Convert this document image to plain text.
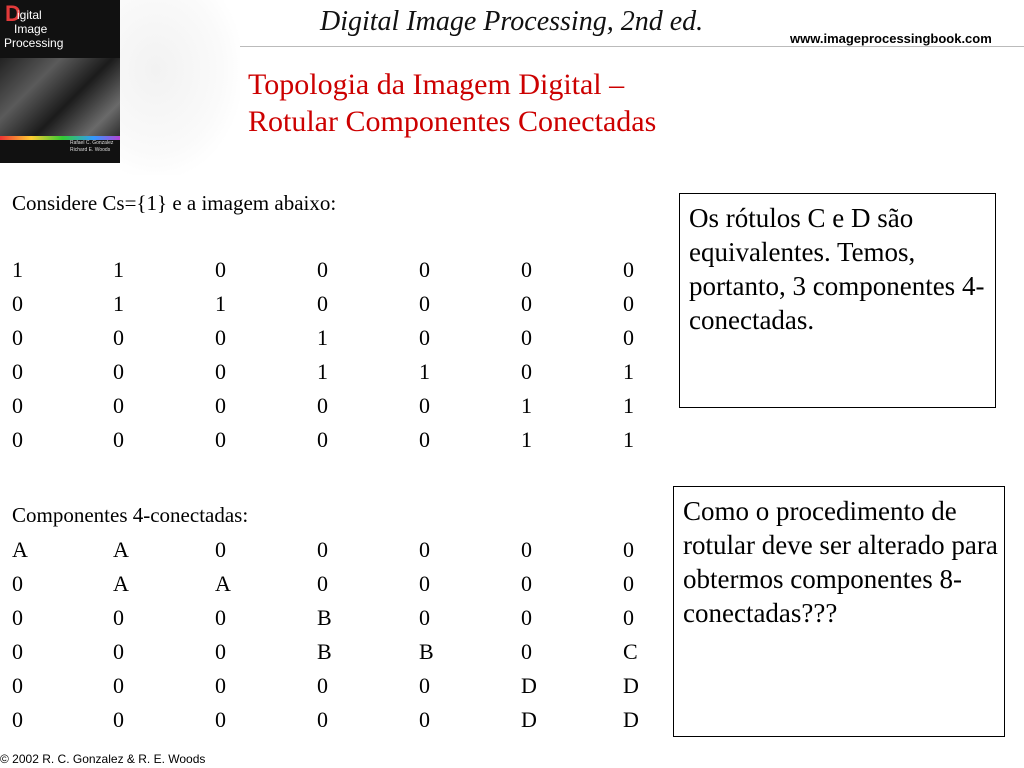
D
igital
Image
Processing
Rafael C. Gonzalez
Richard E. Woods
Digital Image Processing, 2nd ed.
www.imageprocessingbook.com
Topologia da Imagem Digital –
Rotular Componentes Conectadas
Considere Cs={1} e a imagem abaixo:
1	1	0	0	0	0	0
0	1	1	0	0	0	0
0	0	0	1	0	0	0
0	0	0	1	1	0	1
0	0	0	0	0	1	1
0	0	0	0	0	1	1
Componentes 4-conectadas:
A	A	0	0	0	0	0
0	A	A	0	0	0	0
0	0	0	B	0	0	0
0	0	0	B	B	0	C
0	0	0	0	0	D	D
0	0	0	0	0	D	D
Os rótulos C e D são equivalentes. Temos, portanto, 3 componentes 4-conectadas.
Como o procedimento de rotular deve ser alterado para obtermos componentes 8-conectadas???
© 2002 R. C. Gonzalez & R. E. Woods
